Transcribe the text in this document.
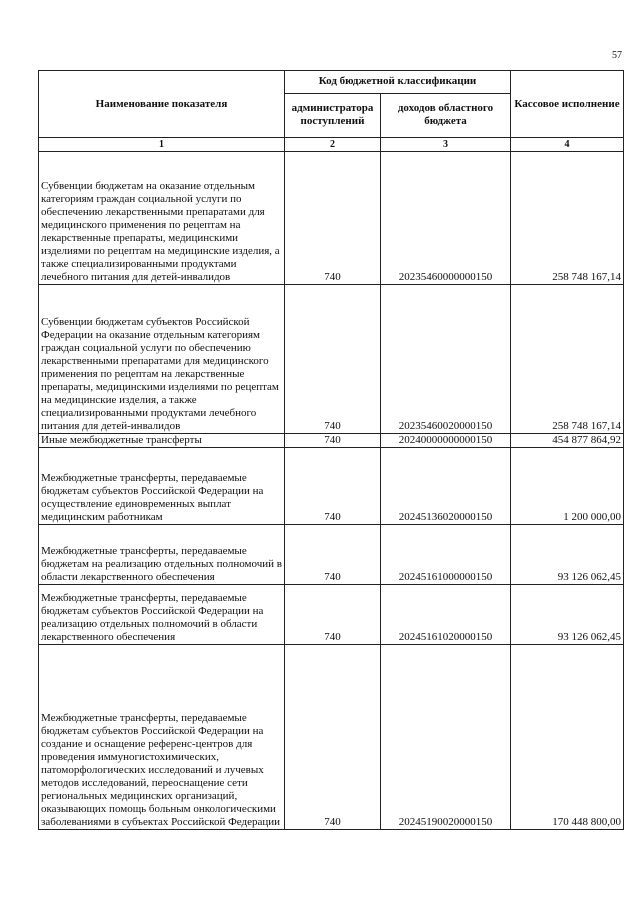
57
Наименование показателя	Код бюджетной классификации		Кассовое исполнение
	администратора поступлений	доходов областного бюджета	
1	2	3	4
Субвенции бюджетам на оказание отдельным категориям граждан социальной услуги по обеспечению лекарственными препаратами для медицинского применения по рецептам на лекарственные препараты, медицинскими изделиями по рецептам на медицинские изделия, а также специализированными продуктами лечебного питания для детей-инвалидов	740	20235460000000150	258 748 167,14
Субвенции бюджетам субъектов Российской Федерации на оказание отдельным категориям граждан социальной услуги по обеспечению лекарственными препаратами для медицинского применения по рецептам на лекарственные препараты, медицинскими изделиями по рецептам на медицинские изделия, а также специализированными продуктами лечебного питания для детей-инвалидов	740	20235460020000150	258 748 167,14
Иные межбюджетные трансферты	740	20240000000000150	454 877 864,92
Межбюджетные трансферты, передаваемые бюджетам субъектов Российской Федерации на осуществление единовременных выплат медицинским работникам	740	20245136020000150	1 200 000,00
Межбюджетные трансферты, передаваемые бюджетам на реализацию отдельных полномочий в области лекарственного обеспечения	740	20245161000000150	93 126 062,45
Межбюджетные трансферты, передаваемые бюджетам субъектов Российской Федерации на реализацию отдельных полномочий в области лекарственного обеспечения	740	20245161020000150	93 126 062,45
Межбюджетные трансферты, передаваемые бюджетам субъектов Российской Федерации на создание и оснащение референс-центров для проведения иммуногистохимических, патоморфологических исследований и лучевых методов исследований, переоснащение сети региональных медицинских организаций, оказывающих помощь больным онкологическими заболеваниями в субъектах Российской Федерации	740	20245190020000150	170 448 800,00
